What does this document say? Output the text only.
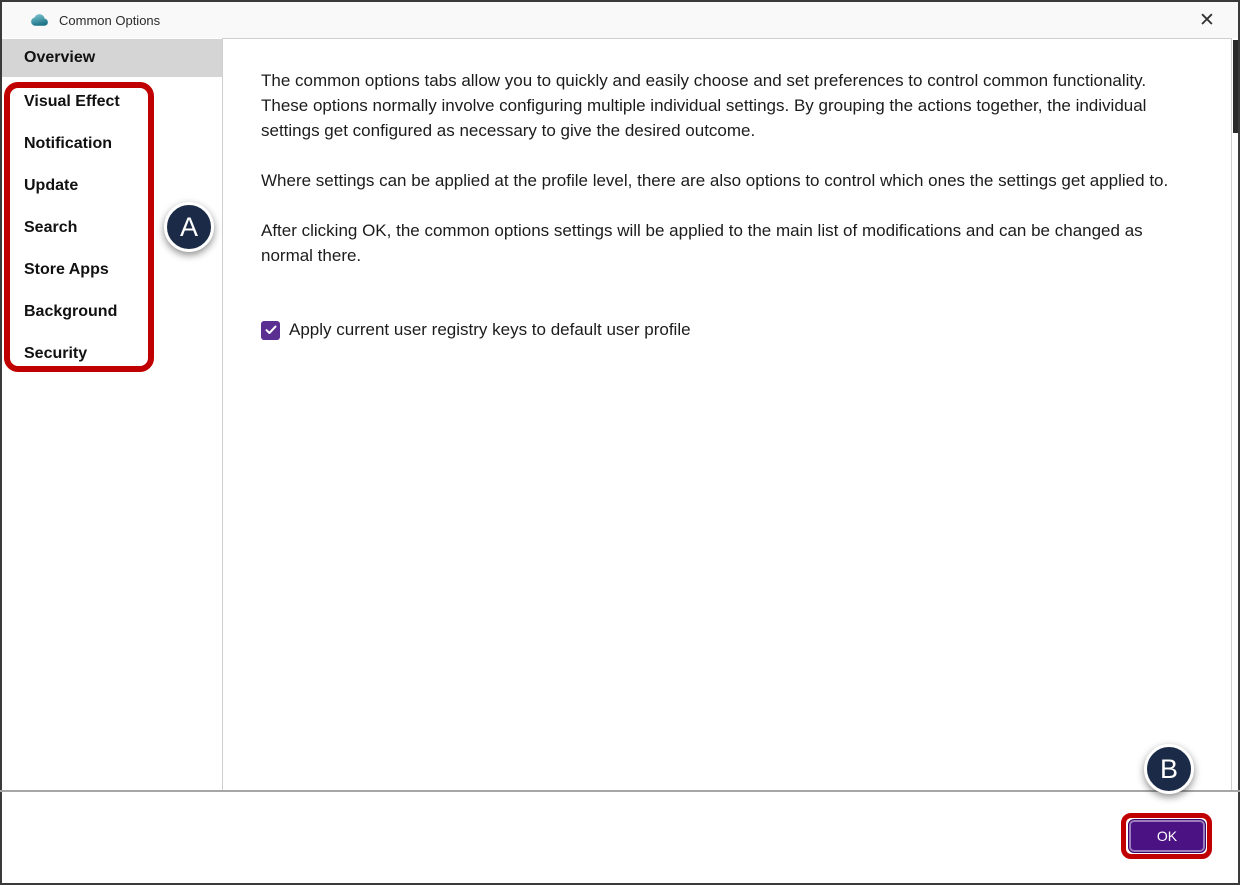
Common Options	✕
Overview
Visual Effect
Notification
Update
Search
Store Apps
Background
Security

The common options tabs allow you to quickly and easily choose and set preferences to control common functionality. These options normally involve configuring multiple individual settings. By grouping the actions together, the individual settings get configured as necessary to give the desired outcome.

Where settings can be applied at the profile level, there are also options to control which ones the settings get applied to.

After clicking OK, the common options settings will be applied to the main list of modifications and can be changed as normal there.

Apply current user registry keys to default user profile
OK
A
B
